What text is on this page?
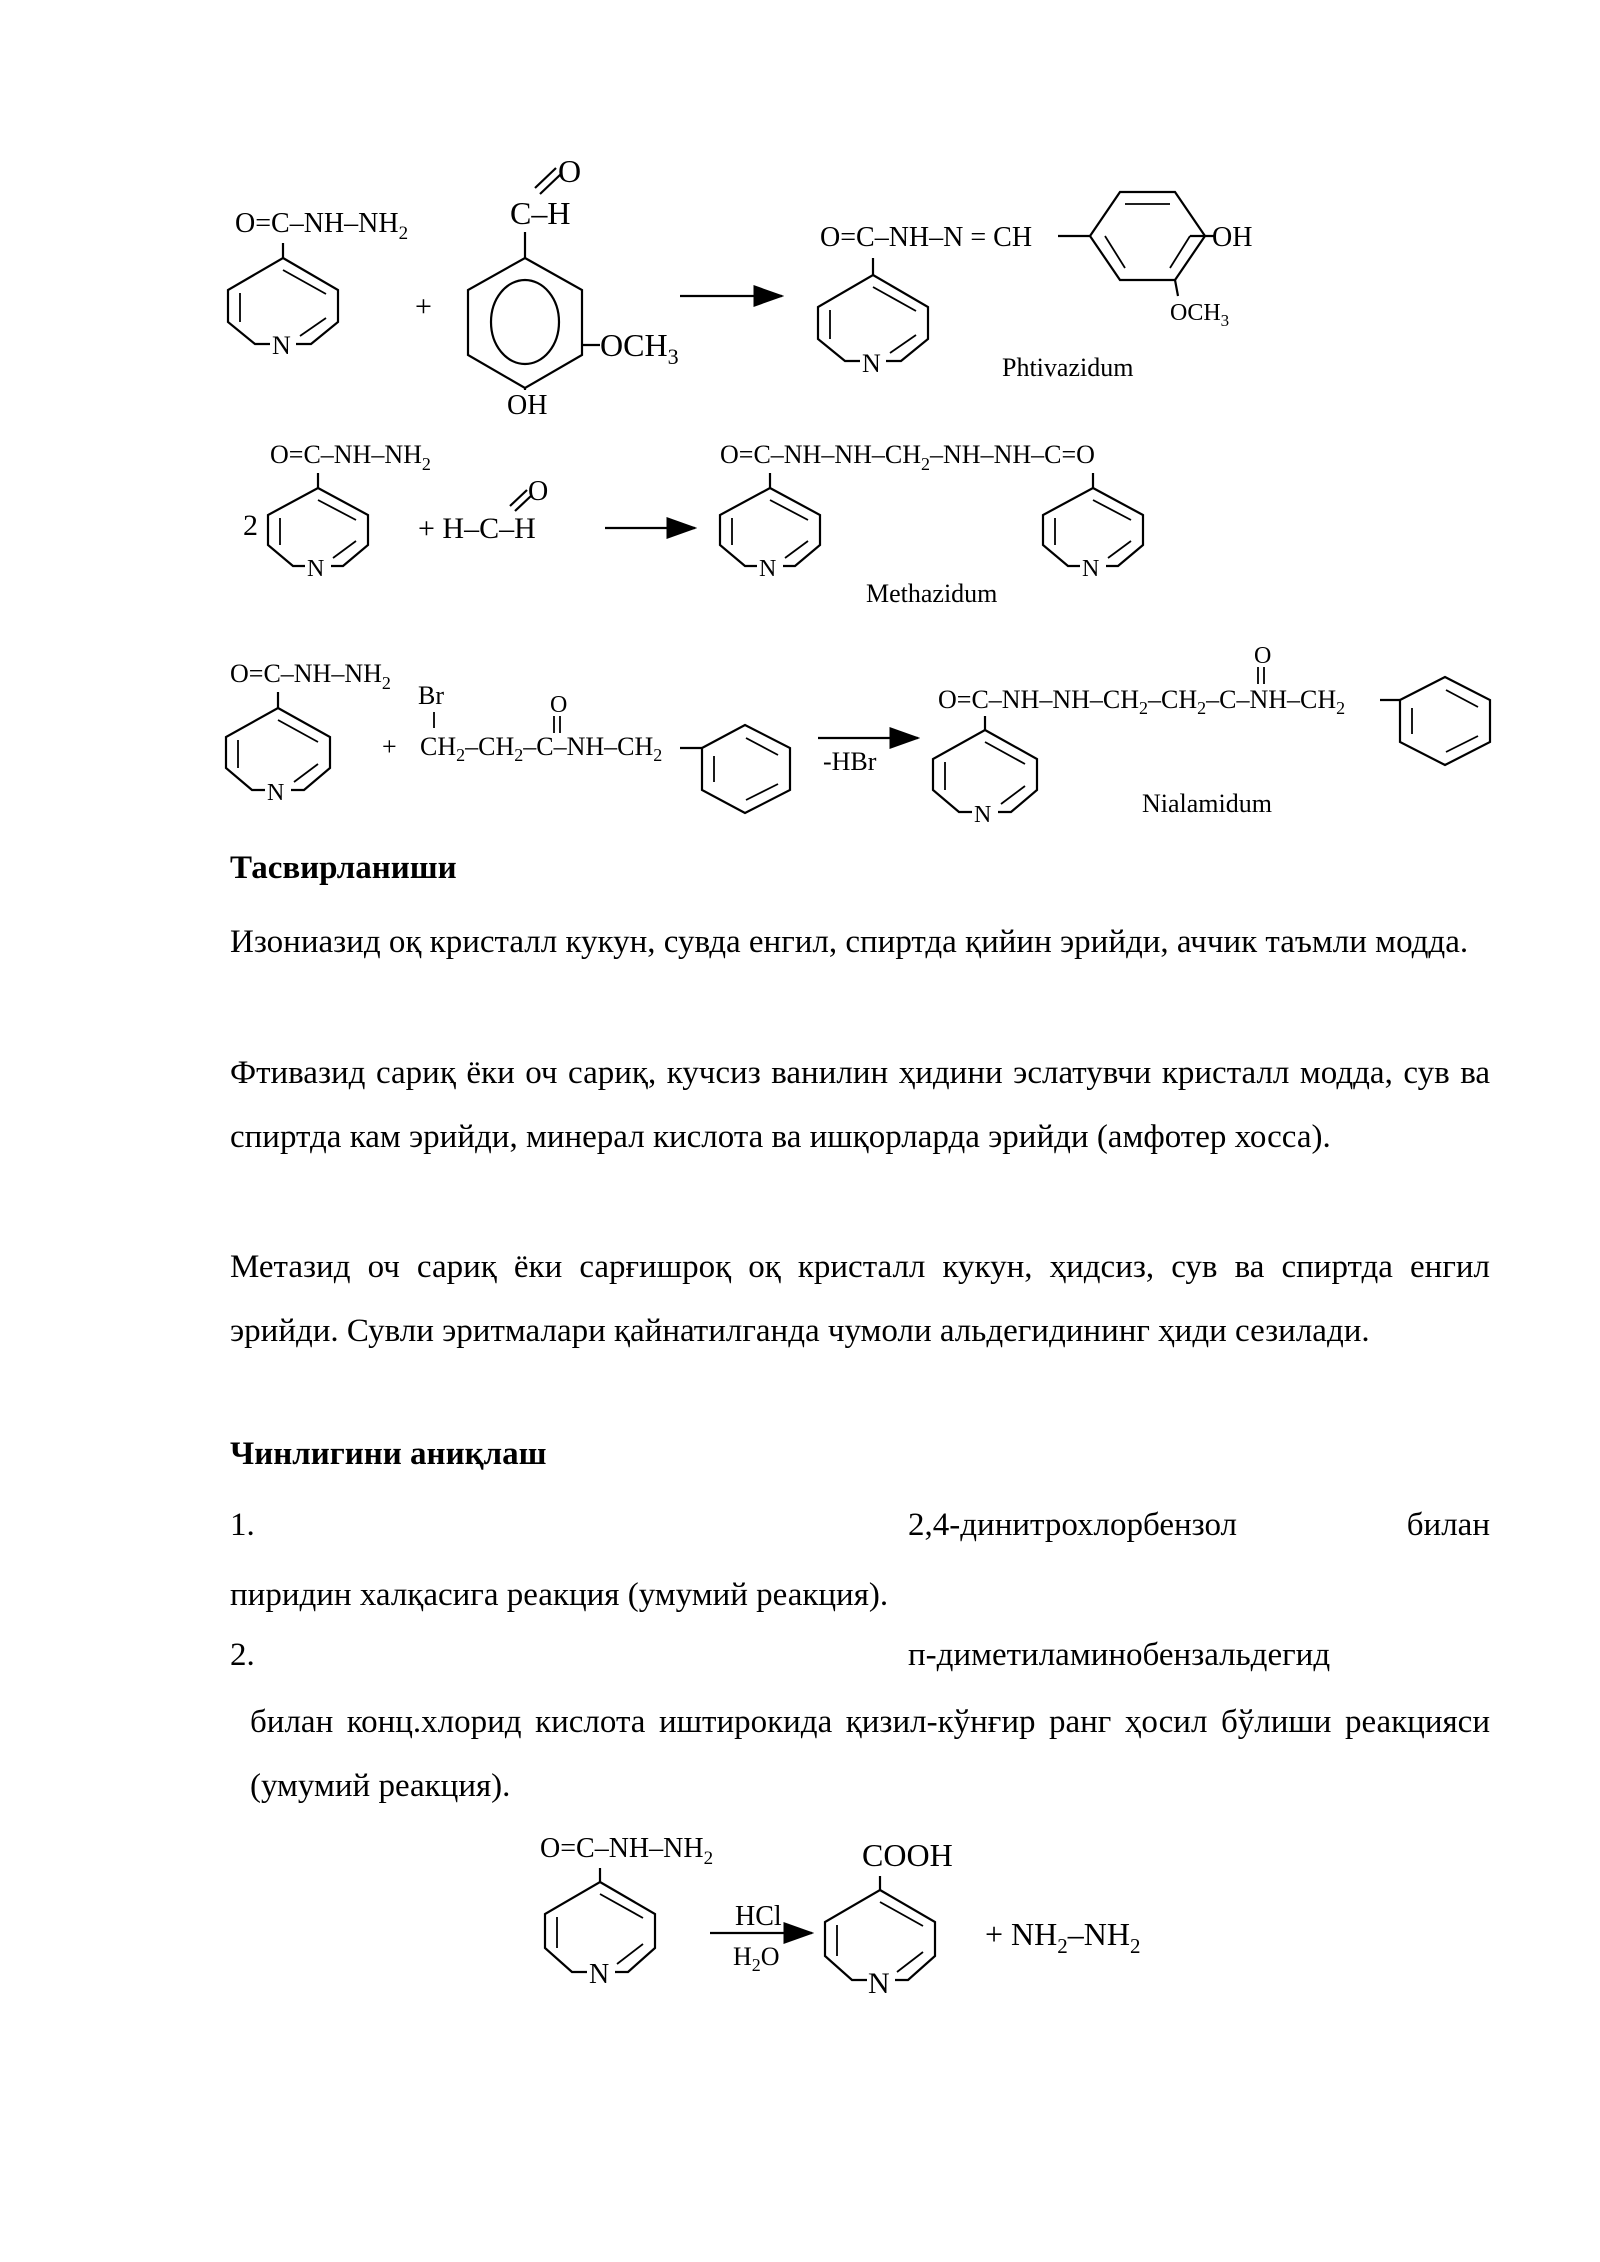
$O=C-NH-NH_2$
N
+
O
C–H
$OCH_3$
OH
O=C–NH–N = CH	OH
$OCH_3$
N	Phtivazidum
2
$O=C-NH-NH_2$
N
O
+ H–C–H
$O=C-NH-NH-CH_2-NH-NH-C=O$
N	N
Methazidum
$O=C-NH-NH_2$
N
Br
+ $CH_2-CH_2-C-NH-CH_2$
O
-HBr
O
$O=C-NH-NH-CH_2-CH_2-C-NH-CH_2$
N	Nialamidum
$O=C-NH-NH_2$
N
HCl
$H_2O$
COOH
N
+ $NH_2-NH_2$
Тасвирланиши
Изониазид оқ кристалл кукун, сувда енгил, спиртда қийин эрийди, аччик таъмли модда.
Фтивазид сариқ ёки оч сариқ, кучсиз ванилин ҳидини эслатувчи кристалл модда, сув ва спиртда кам эрийди, минерал кислота ва ишқорларда эрийди (амфотер хосса).
Метазид оч сариқ ёки сарғишроқ оқ кристалл кукун, ҳидсиз, сув ва спиртда енгил эрийди. Сувли эритмалари қайнатилганда чумоли альдегидининг ҳиди сезилади.
Чинлигини аниқлаш
1.	2,4-динитрохлорбензол	билан
пиридин халқасига реакция (умумий реакция).
2.	п-диметиламинобензальдегид
билан конц.хлорид кислота иштирокида қизил-кўнғир ранг ҳосил бўлиши реакцияси (умумий реакция).
